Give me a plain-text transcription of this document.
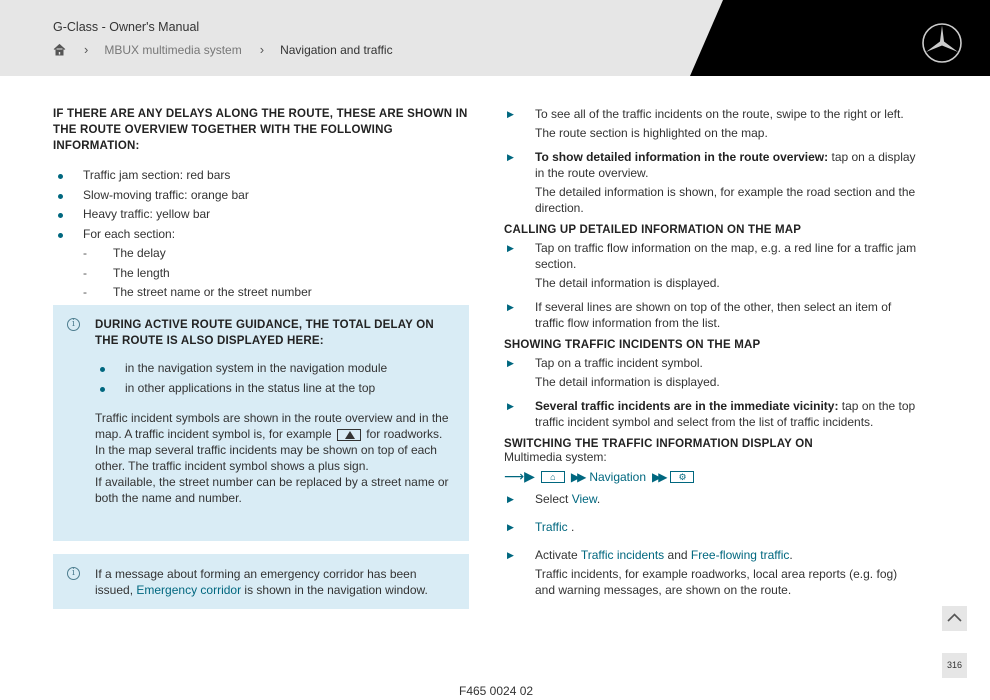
G-Class - Owner's Manual
› MBUX multimedia system › Navigation and traffic
IF THERE ARE ANY DELAYS ALONG THE ROUTE, THESE ARE SHOWN IN THE ROUTE OVERVIEW TOGETHER WITH THE FOLLOWING INFORMATION:
Traffic jam section: red bars
Slow-moving traffic: orange bar
Heavy traffic: yellow bar
For each section:
- The delay
- The length
- The street name or the street number
i	DURING ACTIVE ROUTE GUIDANCE, THE TOTAL DELAY ON THE ROUTE IS ALSO DISPLAYED HERE:
in the navigation system in the navigation module
in other applications in the status line at the top

Traffic incident symbols are shown in the route overview and in the map. A traffic incident symbol is, for example	for roadworks.

In the map several traffic incidents may be shown on top of each other. The traffic incident symbol shows a plus sign.

If available, the street number can be replaced by a street name or both the name and number.

i	If a message about forming an emergency corridor has been issued, Emergency corridor is shown in the navigation window.

▶ To see all of the traffic incidents on the route, swipe to the right or left.

The route section is highlighted on the map.

▶ To show detailed information in the route overview: tap on a display in the route overview.

The detailed information is shown, for example the road section and the direction.

CALLING UP DETAILED INFORMATION ON THE MAP
▶ Tap on traffic flow information on the map, e.g. a red line for a traffic jam section.

The detail information is displayed.

▶ If several lines are shown on top of the other, then select an item of traffic flow information from the list.

SHOWING TRAFFIC INCIDENTS ON THE MAP
▶ Tap on a traffic incident symbol.

The detail information is displayed.

▶ Several traffic incidents are in the immediate vicinity: tap on the top traffic incident symbol and select from the list of traffic incidents.

SWITCHING THE TRAFFIC INFORMATION DISPLAY ON
Multimedia system:
⟶▶	⌂	▶▶ Navigation ▶▶	⚙
▶ Select View.

▶ Traffic .

▶ Activate Traffic incidents and Free-flowing traffic.

Traffic incidents, for example roadworks, local area reports (e.g. fog) and warning messages, are shown on the route.

316
F465 0024 02
